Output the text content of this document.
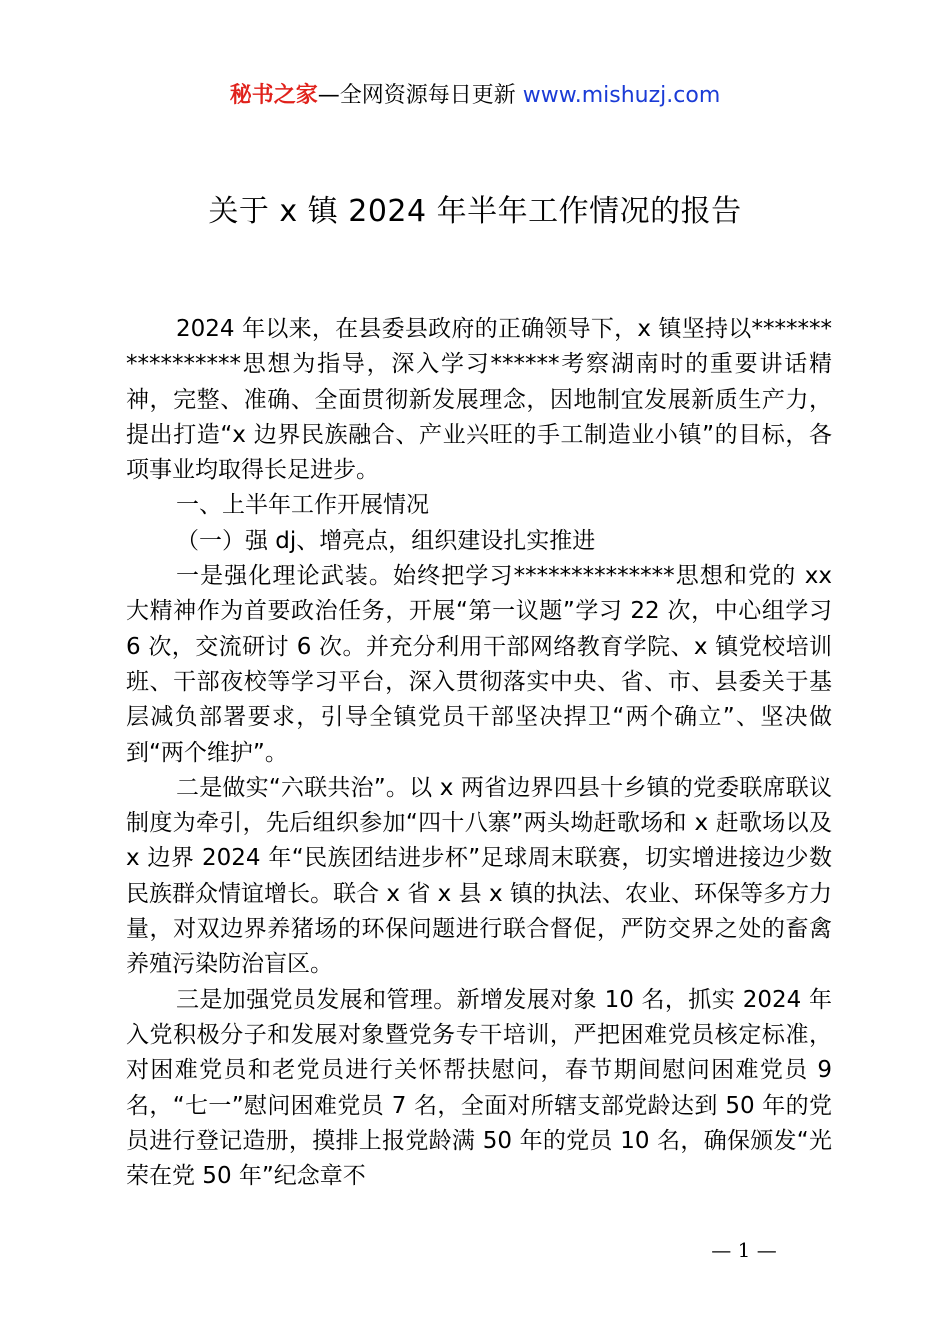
秘书之家—全网资源每日更新 www.mishuzj.com
关于 x 镇 2024 年半年工作情况的报告

2024 年以来，在县委县政府的正确领导下，x 镇坚持以*****************思想为指导，深入学习******考察湖南时的重要讲话精神，完整、准确、全面贯彻新发展理念，因地制宜发展新质生产力，提出打造“x 边界民族融合、产业兴旺的手工制造业小镇”的目标，各项事业均取得长足进步。

一、上半年工作开展情况

（一）强 dj、增亮点，组织建设扎实推进

一是强化理论武装。始终把学习**************思想和党的 xx 大精神作为首要政治任务，开展“第一议题”学习 22 次，中心组学习 6 次，交流研讨 6 次。并充分利用干部网络教育学院、x 镇党校培训班、干部夜校等学习平台，深入贯彻落实中央、省、市、县委关于基层减负部署要求，引导全镇党员干部坚决捍卫“两个确立”、坚决做到“两个维护”。

二是做实“六联共治”。以 x 两省边界四县十乡镇的党委联席联议制度为牵引，先后组织参加“四十八寨”两头坳赶歌场和 x 赶歌场以及 x 边界 2024 年“民族团结进步杯”足球周末联赛，切实增进接边少数民族群众情谊增长。联合 x 省 x 县 x 镇的执法、农业、环保等多方力量，对双边界养猪场的环保问题进行联合督促，严防交界之处的畜禽养殖污染防治盲区。

三是加强党员发展和管理。新增发展对象 10 名，抓实 2024 年入党积极分子和发展对象暨党务专干培训，严把困难党员核定标准，对困难党员和老党员进行关怀帮扶慰问，春节期间慰问困难党员 9 名，“七一”慰问困难党员 7 名，全面对所辖支部党龄达到 50 年的党员进行登记造册，摸排上报党龄满 50 年的党员 10 名，确保颁发“光荣在党 50 年”纪念章不

— 1 —
